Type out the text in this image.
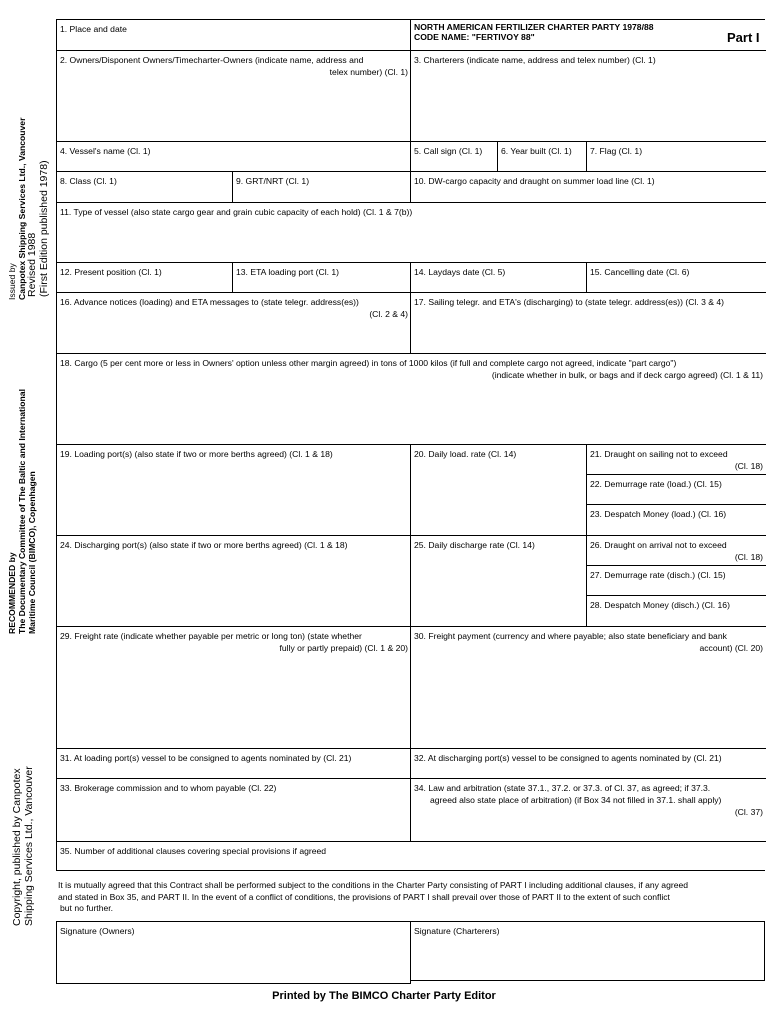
NORTH AMERICAN FERTILIZER CHARTER PARTY 1978/88
CODE NAME: "FERTIVOY 88"	Part I
Issued by Canpotex Shipping Services Ltd., Vancouver Revised 1988 (First Edition published 1978)
RECOMMENDED by The Documentary Committee of The Baltic and International Maritime Council (BIMCO), Copenhagen
Copyright, published by Canpotex Shipping Services Ltd., Vancouver
1. Place and date
2. Owners/Disponent Owners/Timecharter-Owners (indicate name, address and
telex number) (Cl. 1)
3. Charterers (indicate name, address and telex number) (Cl. 1)
4. Vessel's name (Cl. 1)	5. Call sign (Cl. 1)	6. Year built (Cl. 1)	7. Flag (Cl. 1)
8. Class (Cl. 1)	9. GRT/NRT (Cl. 1)	10. DW-cargo capacity and draught on summer load line (Cl. 1)
11. Type of vessel (also state cargo gear and grain cubic capacity of each hold) (Cl. 1 & 7(b))
12. Present position (Cl. 1)	13. ETA loading port (Cl. 1)	14. Laydays date (Cl. 5)	15. Cancelling date (Cl. 6)
16. Advance notices (loading) and ETA messages to (state telegr. address(es))
(Cl. 2 & 4)
17. Sailing telegr. and ETA's (discharging) to (state telegr. address(es)) (Cl. 3 & 4)
18. Cargo (5 per cent more or less in Owners' option unless other margin agreed) in tons of 1000 kilos (if full and complete cargo not agreed, indicate "part cargo")
(indicate whether in bulk, or bags and if deck cargo agreed) (Cl. 1 & 11)
19. Loading port(s) (also state if two or more berths agreed) (Cl. 1 & 18)	20. Daily load. rate (Cl. 14)	21. Draught on sailing not to exceed
(Cl. 18)
22. Demurrage rate (load.) (Cl. 15)
23. Despatch Money (load.) (Cl. 16)
24. Discharging port(s) (also state if two or more berths agreed) (Cl. 1 & 18)	25. Daily discharge rate (Cl. 14)	26. Draught on arrival not to exceed
(Cl. 18)
27. Demurrage rate (disch.) (Cl. 15)
28. Despatch Money (disch.) (Cl. 16)
29. Freight rate (indicate whether payable per metric or long ton) (state whether
fully or partly prepaid) (Cl. 1 & 20)
30. Freight payment (currency and where payable; also state beneficiary and bank
account) (Cl. 20)
31. At loading port(s) vessel to be consigned to agents nominated by (Cl. 21)	32. At discharging port(s) vessel to be consigned to agents nominated by (Cl. 21)
33. Brokerage commission and to whom payable (Cl. 22)	34. Law and arbitration (state 37.1., 37.2. or 37.3. of Cl. 37, as agreed; if 37.3.
agreed also state place of arbitration) (if Box 34 not filled in 37.1. shall apply)
(Cl. 37)
35. Number of additional clauses covering special provisions if agreed
It is mutually agreed that this Contract shall be performed subject to the conditions in the Charter Party consisting of PART I including additional clauses, if any agreed
and stated in Box 35, and PART II. In the event of a conflict of conditions, the provisions of PART I shall prevail over those of PART II to the extent of such conflict
but no further.
Signature (Owners)	Signature (Charterers)
Printed by The BIMCO Charter Party Editor
